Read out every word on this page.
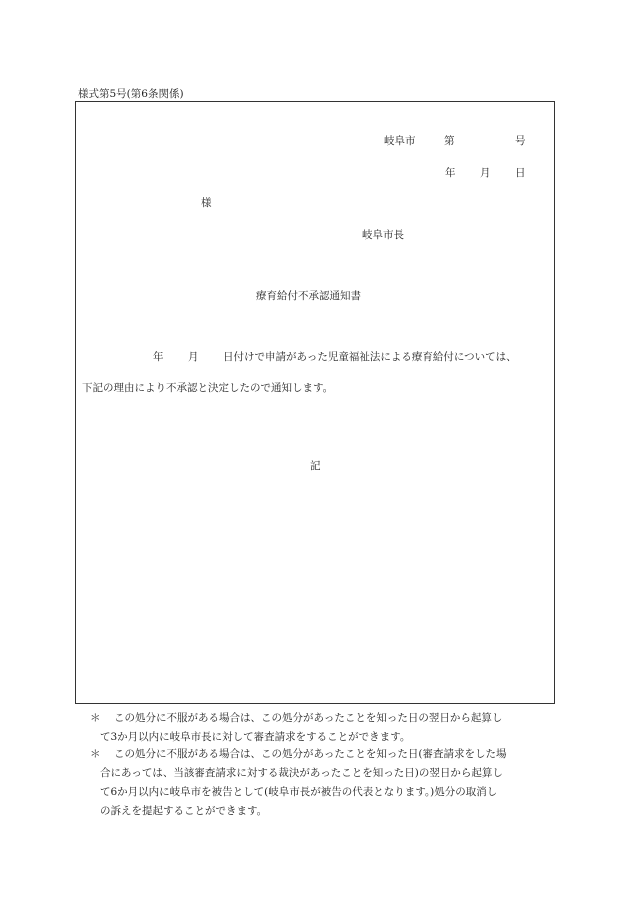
様式第5号(第6条関係)
岐阜市	第	号
年 月 日
様
岐阜市長
療育給付不承認通知書
年 月 日付けで申請があった児童福祉法による療育給付については、
下記の理由により不承認と決定したので通知します。
記
＊ この処分に不服がある場合は、この処分があったことを知った日の翌日から起算し
て3か月以内に岐阜市長に対して審査請求をすることができます。
＊ この処分に不服がある場合は、この処分があったことを知った日(審査請求をした場
合にあっては、当該審査請求に対する裁決があったことを知った日)の翌日から起算し
て6か月以内に岐阜市を被告として(岐阜市長が被告の代表となります。)処分の取消し
の訴えを提起することができます。
